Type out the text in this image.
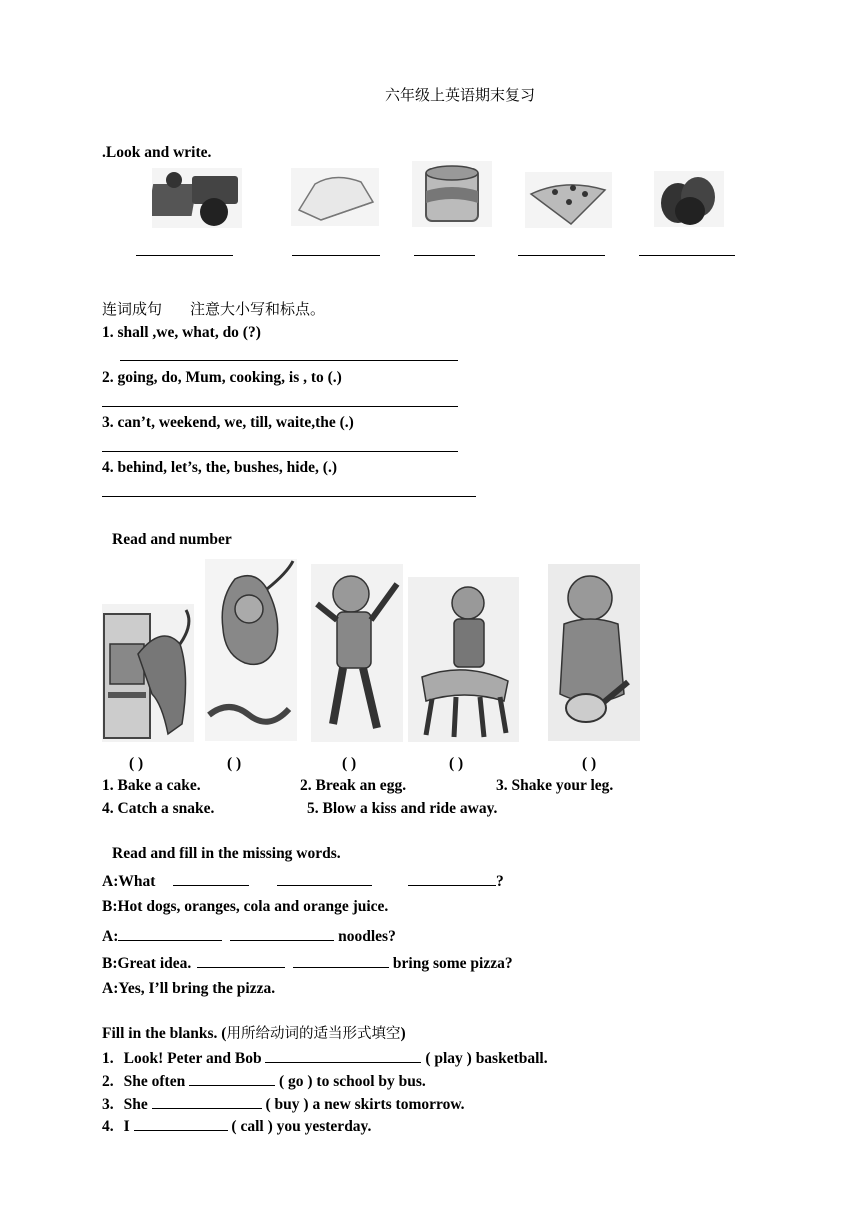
六年级上英语期末复习
.Look and write.
连词成句 注意大小写和标点。
1. shall ,we, what, do (?)
2. going, do, Mum, cooking, is , to (.)
3. can’t, weekend, we, till, waite,the (.)
4. behind, let’s, the, bushes, hide, (.)
Read and number
( )	( )	( )	( )	( )
1. Bake a cake.	2. Break an egg.	3. Shake your leg.
4. Catch a snake.	5. Blow a kiss and ride away.
Read and fill in the missing words.
A:What	?
B:Hot dogs, oranges, cola and orange juice.
A:	noodles?
B:Great idea.	bring some pizza?
A:Yes, I’ll bring the pizza.
Fill in the blanks. (用所给动词的适当形式填空)
1. Look! Peter and Bob	( play ) basketball.
2. She often	( go ) to school by bus.
3. She	( buy ) a new skirts tomorrow.
4. I	( call ) you yesterday.
